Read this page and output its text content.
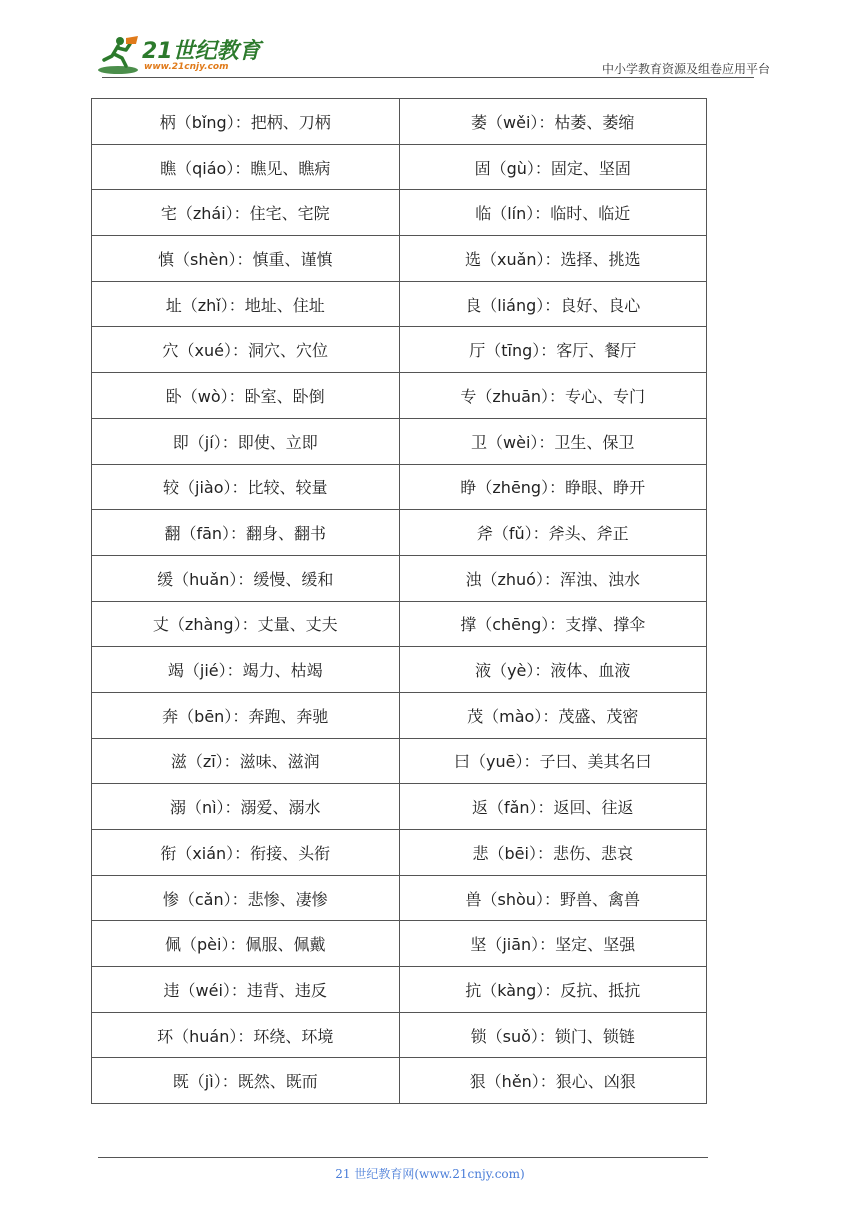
21世纪教育
www.21cnjy.com	中小学教育资源及组卷应用平台
柄（bǐng）：把柄、刀柄	萎（wěi）：枯萎、萎缩
瞧（qiáo）：瞧见、瞧病	固（gù）：固定、坚固
宅（zhái）：住宅、宅院	临（lín）：临时、临近
慎（shèn）：慎重、谨慎	选（xuǎn）：选择、挑选
址（zhǐ）：地址、住址	良（liáng）：良好、良心
穴（xué）：洞穴、穴位	厅（tīng）：客厅、餐厅
卧（wò）：卧室、卧倒	专（zhuān）：专心、专门
即（jí）：即使、立即	卫（wèi）：卫生、保卫
较（jiào）：比较、较量	睁（zhēng）：睁眼、睁开
翻（fān）：翻身、翻书	斧（fǔ）：斧头、斧正
缓（huǎn）：缓慢、缓和	浊（zhuó）：浑浊、浊水
丈（zhàng）：丈量、丈夫	撑（chēng）：支撑、撑伞
竭（jié）：竭力、枯竭	液（yè）：液体、血液
奔（bēn）：奔跑、奔驰	茂（mào）：茂盛、茂密
滋（zī）：滋味、滋润	曰（yuē）：子曰、美其名曰
溺（nì）：溺爱、溺水	返（fǎn）：返回、往返
衔（xián）：衔接、头衔	悲（bēi）：悲伤、悲哀
惨（cǎn）：悲惨、凄惨	兽（shòu）：野兽、禽兽
佩（pèi）：佩服、佩戴	坚（jiān）：坚定、坚强
违（wéi）：违背、违反	抗（kàng）：反抗、抵抗
环（huán）：环绕、环境	锁（suǒ）：锁门、锁链
既（jì）：既然、既而	狠（hěn）：狠心、凶狠
21 世纪教育网(www.21cnjy.com)
